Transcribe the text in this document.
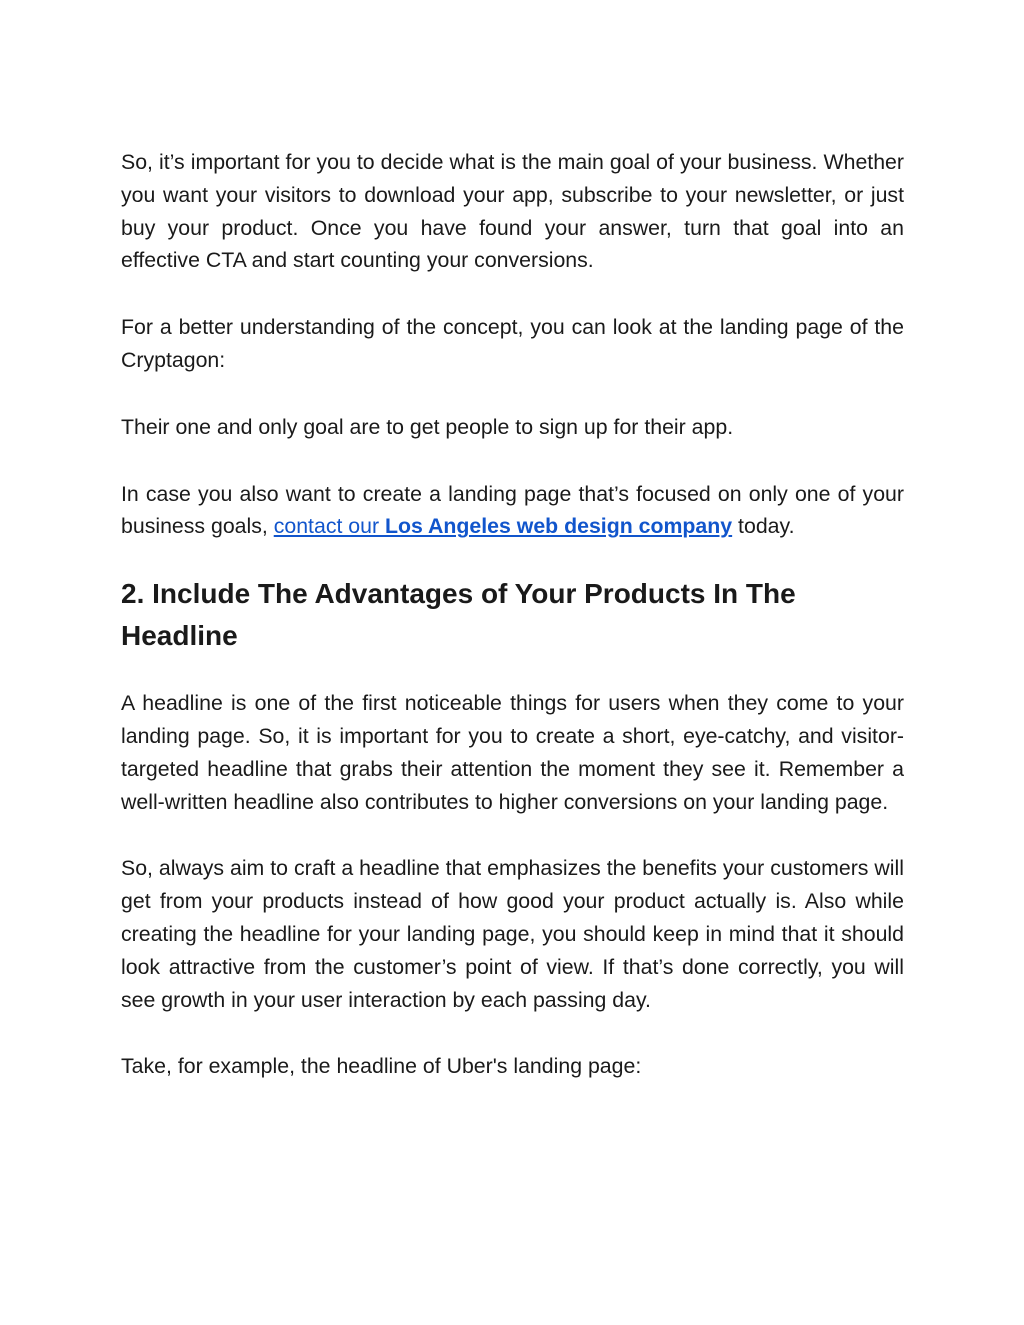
So, it’s important for you to decide what is the main goal of your business. Whether you want your visitors to download your app, subscribe to your newsletter, or just buy your product. Once you have found your answer, turn that goal into an effective CTA and start counting your conversions.

For a better understanding of the concept, you can look at the landing page of the Cryptagon:

Their one and only goal are to get people to sign up for their app.

In case you also want to create a landing page that’s focused on only one of your business goals, contact our Los Angeles web design company today.

2. Include The Advantages of Your Products In The Headline

A headline is one of the first noticeable things for users when they come to your landing page. So, it is important for you to create a short, eye-catchy, and visitor-targeted headline that grabs their attention the moment they see it. Remember a well-written headline also contributes to higher conversions on your landing page.

So, always aim to craft a headline that emphasizes the benefits your customers will get from your products instead of how good your product actually is. Also while creating the headline for your landing page, you should keep in mind that it should look attractive from the customer’s point of view. If that’s done correctly, you will see growth in your user interaction by each passing day.

Take, for example, the headline of Uber's landing page:
